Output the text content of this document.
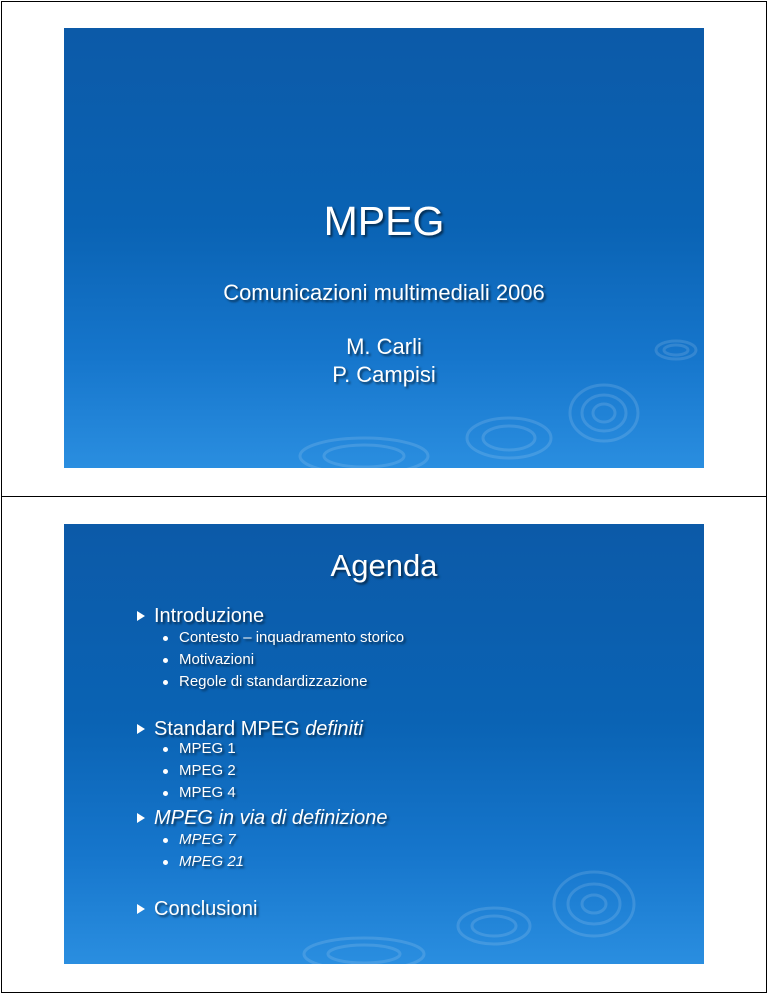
MPEG
Comunicazioni multimediali 2006
M. Carli
P. Campisi
Agenda
Introduzione
Contesto – inquadramento storico
Motivazioni
Regole di standardizzazione
Standard MPEG definiti
MPEG 1
MPEG 2
MPEG 4
MPEG in via di definizione
MPEG 7
MPEG 21
Conclusioni
